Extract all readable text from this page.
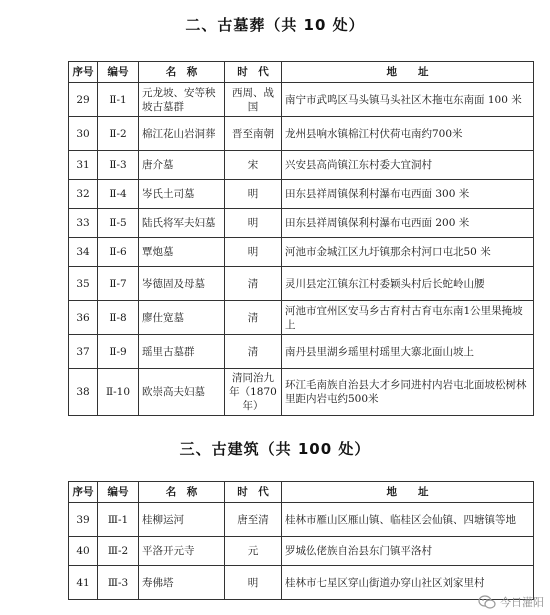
二、古墓葬（共 10 处）
序号	编号	名　称	时　代	地　　址
29	Ⅱ-1	元龙坡、安等秧坡古墓群	西周、战国	南宁市武鸣区马头镇马头社区木拖屯东南面 100 米
30	Ⅱ-2	棉江花山岩洞葬	晋至南朝	龙州县响水镇棉江村伏荷屯南约700米
31	Ⅱ-3	唐介墓	宋	兴安县高尚镇江东村委大宜洞村
32	Ⅱ-4	岑氏土司墓	明	田东县祥周镇保利村瀑布屯西面 300 米
33	Ⅱ-5	陆氏将军夫妇墓	明	田东县祥周镇保利村瀑布屯西面 200 米
34	Ⅱ-6	覃炮墓	明	河池市金城江区九圩镇那余村河口屯北50 米
35	Ⅱ-7	岑德固及母墓	清	灵川县定江镇东江村委颖头村后长蛇岭山腰
36	Ⅱ-8	廖仕宽墓	清	河池市宜州区安马乡古育村古育屯东南1公里果掩坡上
37	Ⅱ-9	瑶里古墓群	清	南丹县里湖乡瑶里村瑶里大寨北面山坡上
38	Ⅱ-10	欧崇高夫妇墓	清同治九年（1870年）	环江毛南族自治县大才乡同进村内岩屯北面坡松树林里距内岩屯约500米
三、古建筑（共 100 处）
序号	编号	名　称	时　代	地　　址
39	Ⅲ-1	桂柳运河	唐至清	桂林市雁山区雁山镇、临桂区会仙镇、四塘镇等地
40	Ⅲ-2	平洛开元寺	元	罗城仫佬族自治县东门镇平洛村
41	Ⅲ-3	寿佛塔	明	桂林市七星区穿山街道办穿山社区刘家里村
今日灌阳
